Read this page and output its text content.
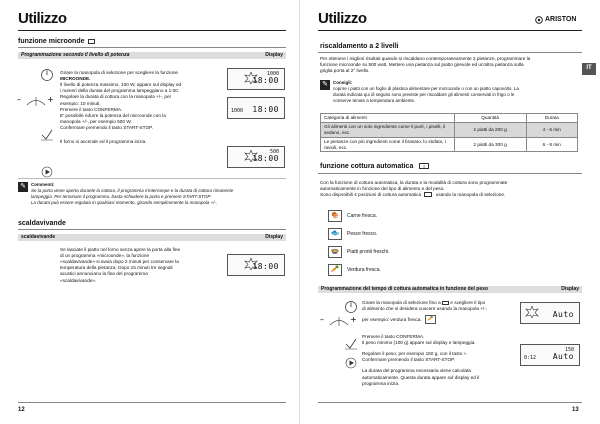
Utilizzo
funzione microonde
Programmazione secondo il livello di potenza	Display
–	+
Girare la manopola di selezione per scegliere la funzione
MICROONDE.
Il livello di potenza massimo, 100 W, appare sul display ed
i numeri della durata del programma lampeggiano a 1:00.
Regolare la durata di cottura con la manopola +/-, per
esempio: 10 minuti.
Premere il tasto CONFERMA.
E' possibile ridurre la potenza del microonde con la
manopola +/-, per esempio 500 W.
Confermare premendo il tasto START-STOP.
Il forno si accende ed il programma inizia.
1000
18:00
1000 18:00
500
18:00
✎	Commenti:
Se la porta viene aperta durante la cottura, il programma s'interrompe e la durata di cottura rimanente
lampeggia. Per terminare il programma, basta richiudere la porta e premere START-STOP.
La durata può essere regolata in qualsiasi momento, girando semplicemente la manopola +/-.
scaldavivande
scaldavivande	Display
Se lasciate il piatto nel forno senza aprire la porta alla fine
di un programma «microonde», la funzione
«scaldavivande» si avvia dopo 2 minuti per conservare la
temperatura della pietanza. Dopo 15 minuti tre segnali
acustici annunciano la fine del programma
«scaldavivande».
18:00
12
Utilizzo	ARISTON
riscaldamento a 2 livelli
IT
Per ottenere i migliori risultati quando si riscaldano contemporaneamente 2 pietanze, programmare la
funzione microonde su 500 watt. Mettere una pietanza sul piatto girevole ed un'altra pietanza sulla
griglia porta al 2° livello.
✎	Consigli:
coprire i piatti con un foglio di plastica alimentare per microonde o con un piatto capovolto. La
durata indicata qui di seguito sono previste per riscaldare gli alimenti conservati in frigo o le
conserve tenute a temperatura ambiente.
Categoria di alimenti	Quantità	Durata
Gli alimenti con un solo ingrediente come il purè, i piselli, il sedano, ecc.	2 piatti da 200 g	4 - 6 min
Le pietanze con più ingredienti come il brasato, lo stufato, i ravioli, ecc.	2 piatti da 300 g	6 - 8 min
funzione cottura automatica ≡
Con la funzione di cottura automatica, la durata e la modalità di cottura sono programmate
automaticamente in funzione del tipo di alimento e del peso.
Sono disponibili 4 posizioni di cottura automatica	usando la manopola di selezione.
🍖	Carne fresca.
🐟	Pesce fresco.
🍲	Piatti pronti freschi.
🥕	Verdura fresca.
Programmazione del tempo di cottura automatica in funzione del peso	Display
–	+
Girare la manopola di selezione fino a e scegliere il tipo
di alimento che si desidera cuocere usando la manopola +/-,
per esempio: verdura fresca.	🥕
Premere il tasto CONFERMA.
Il peso minimo (100 g) appare sul display e lampeggia.
Regolare il peso, per esempio 150 g, con il tasto +.
Confermare premendo il tasto START-STOP.
La durata del programma necessaria viene calcolata
automaticamente. Questa durata appare sul display ed il
programma inizia.
Auto
150
0:12 Auto
13
